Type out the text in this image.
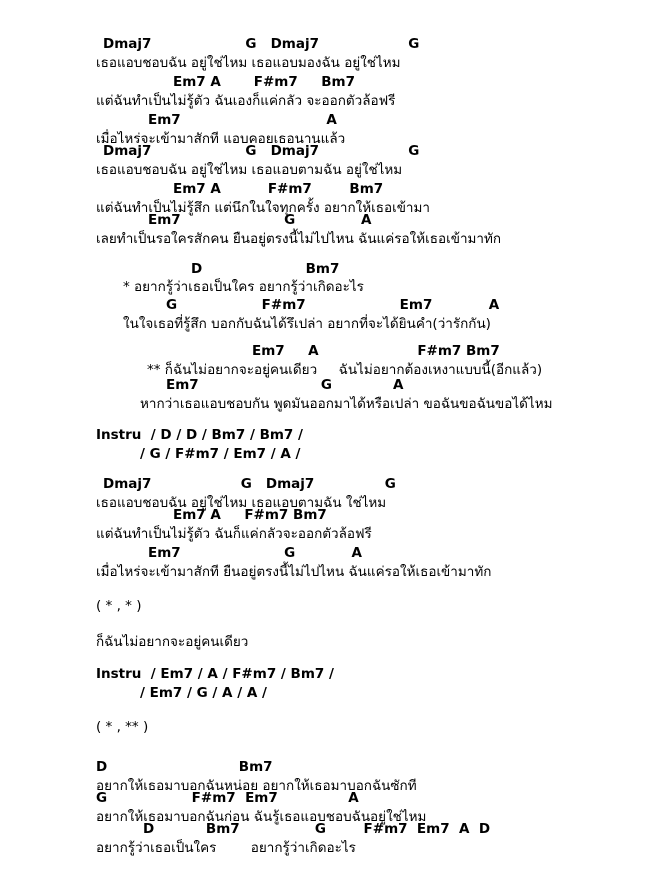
Dmaj7                    G   Dmaj7                   G
เธอแอบชอบฉัน อยู่ใช่ไหม เธอแอบมองฉัน อยู่ใช่ไหม
Em7 A       F#m7     Bm7
แต่ฉันทำเป็นไม่รู้ตัว ฉันเองก็แค่กลัว จะออกตัวล้อฟรี
Em7                               A
เมื่อไหร่จะเข้ามาสักที แอบคอยเธอนานแล้ว
Dmaj7                    G   Dmaj7                   G
เธอแอบชอบฉัน อยู่ใช่ไหม เธอแอบตามฉัน อยู่ใช่ไหม
Em7 A          F#m7        Bm7
แต่ฉันทำเป็นไม่รู้สึก แต่นึกในใจทุกครั้ง อยากให้เธอเข้ามา
Em7                      G              A
เลยทำเป็นรอใครสักคน ยืนอยู่ตรงนี้ไม่ไปไหน ฉันแค่รอให้เธอเข้ามาทัก
D                      Bm7
* อยากรู้ว่าเธอเป็นใคร อยากรู้ว่าเกิดอะไร
G                  F#m7                    Em7            A
ในใจเธอที่รู้สึก บอกกับฉันได้รึเปล่า อยากที่จะได้ยินคำ(ว่ารักกัน)
Em7     A                     F#m7 Bm7
** ก็ฉันไม่อยากจะอยู่คนเดียว     ฉันไม่อยากต้องเหงาแบบนี้(อีกแล้ว)
Em7                          G             A
หากว่าเธอแอบชอบกัน พูดมันออกมาได้หรือเปล่า ขอฉันขอฉันขอได้ไหม
Instru  / D / D / Bm7 / Bm7 /
/ G / F#m7 / Em7 / A /
Dmaj7                   G   Dmaj7               G
เธอแอบชอบฉัน อยู่ใช่ไหม เธอแอบตามฉัน ใช่ไหม
Em7 A     F#m7 Bm7
แต่ฉันทำเป็นไม่รู้ตัว ฉันก็แค่กลัวจะออกตัวล้อฟรี
Em7                      G            A
เมื่อไหร่จะเข้ามาสักที ยืนอยู่ตรงนี้ไม่ไปไหน ฉันแค่รอให้เธอเข้ามาทัก
( * , * )
ก็ฉันไม่อยากจะอยู่คนเดียว
Instru  / Em7 / A / F#m7 / Bm7 /
/ Em7 / G / A / A /
( * , ** )
D                            Bm7
อยากให้เธอมาบอกฉันหน่อย อยากให้เธอมาบอกฉันซักที
G                  F#m7  Em7               A
อยากให้เธอมาบอกฉันก่อน ฉันรู้เธอแอบชอบฉันอยู่ใช่ไหม
D           Bm7                G        F#m7  Em7  A  D
อยากรู้ว่าเธอเป็นใคร        อยากรู้ว่าเกิดอะไร
